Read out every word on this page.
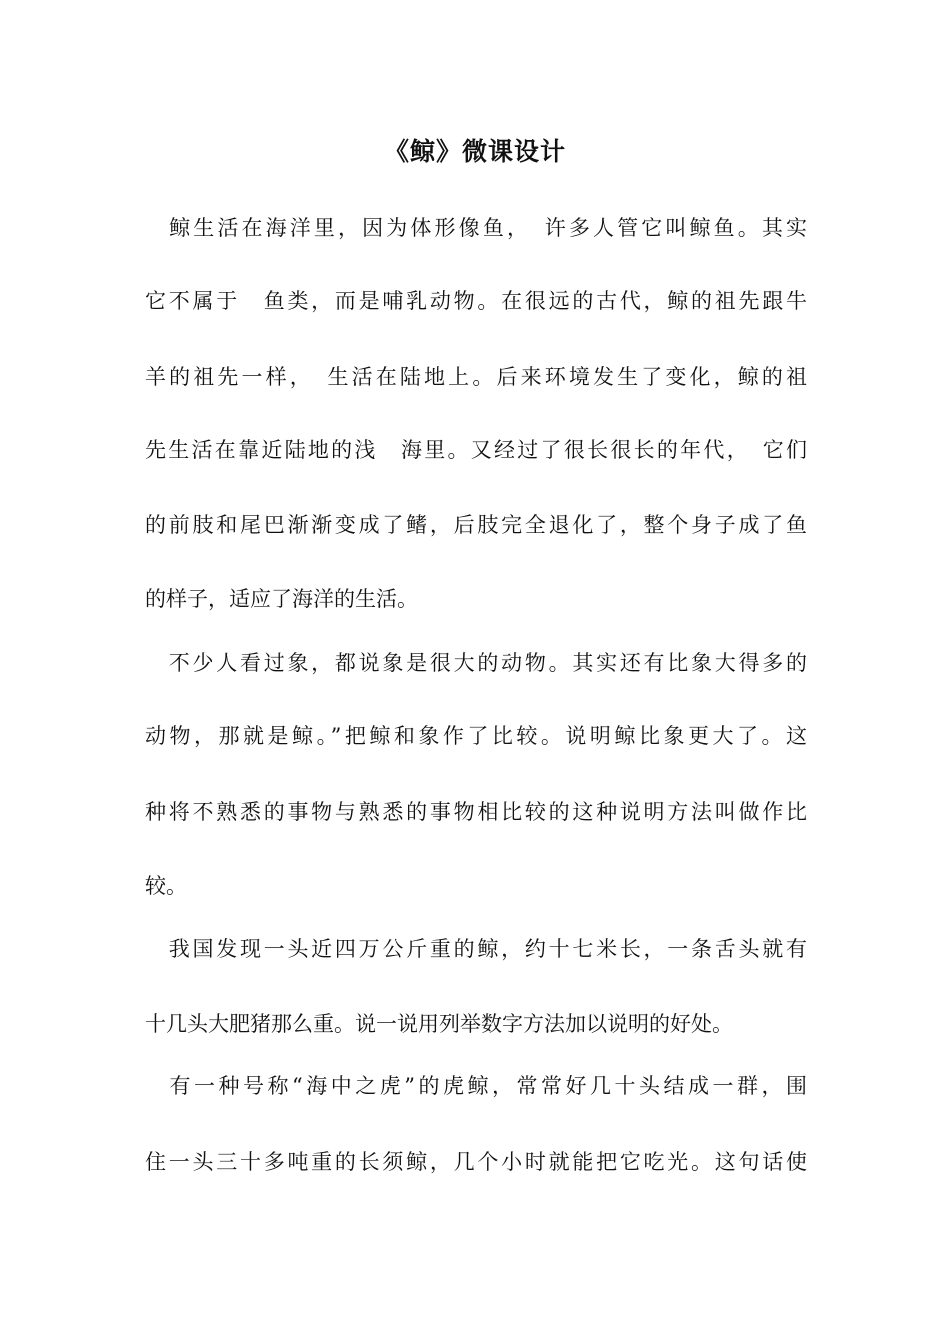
《鲸》微课设计

　鲸生活在海洋里，因为体形像鱼，　许多人管它叫鲸鱼。其实

它不属于　鱼类，而是哺乳动物。在很远的古代，鲸的祖先跟牛

羊的祖先一样，　生活在陆地上。后来环境发生了变化，鲸的祖

先生活在靠近陆地的浅　海里。又经过了很长很长的年代，　它们

的前肢和尾巴渐渐变成了鳍，后肢完全退化了，整个身子成了鱼

的样子，适应了海洋的生活。

　不少人看过象，都说象是很大的动物。其实还有比象大得多的

动物，那就是鲸。”把鲸和象作了比较。说明鲸比象更大了。这

种将不熟悉的事物与熟悉的事物相比较的这种说明方法叫做作比

较。

　我国发现一头近四万公斤重的鲸，约十七米长，一条舌头就有

十几头大肥猪那么重。说一说用列举数字方法加以说明的好处。

　有一种号称“海中之虎”的虎鲸，常常好几十头结成一群，围

住一头三十多吨重的长须鲸，几个小时就能把它吃光。这句话使
